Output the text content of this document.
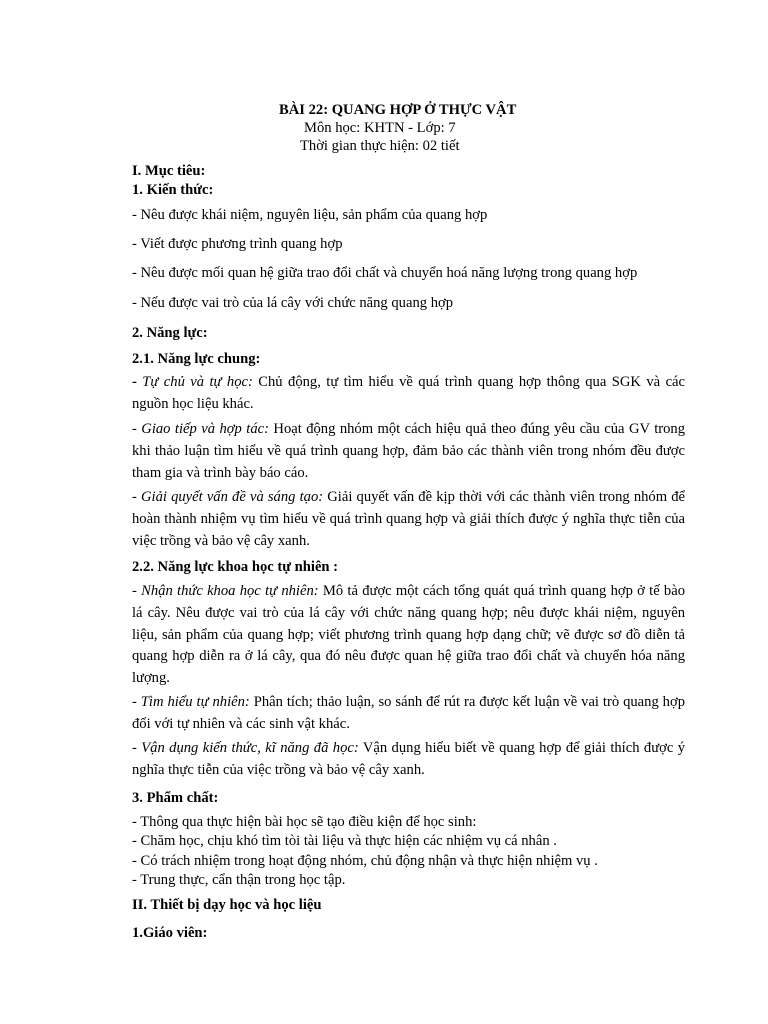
BÀI 22: QUANG HỢP Ở THỰC VẬT
Môn học: KHTN - Lớp: 7
Thời gian thực hiện: 02 tiết
I. Mục tiêu:
1. Kiến thức:
- Nêu được khái niệm, nguyên liệu, sản phẩm của quang hợp
- Viết được phương trình quang hợp
- Nêu được mối quan hệ giữa trao đổi chất và chuyển hoá năng lượng trong quang hợp
- Nếu được vai trò của lá cây với chức năng quang hợp
2. Năng lực:
2.1. Năng lực chung:
- Tự chủ và tự học: Chủ động, tự tìm hiểu về quá trình quang hợp thông qua SGK và các nguồn học liệu khác.
- Giao tiếp và hợp tác: Hoạt động nhóm một cách hiệu quả theo đúng yêu cầu của GV trong khi thảo luận tìm hiểu về quá trình quang hợp, đảm bảo các thành viên trong nhóm đều được tham gia và trình bày báo cáo.
- Giải quyết vấn đề và sáng tạo: Giải quyết vấn đề kịp thời với các thành viên trong nhóm để hoàn thành nhiệm vụ tìm hiểu về quá trình quang hợp và giải thích được ý nghĩa thực tiễn của việc trồng và bảo vệ cây xanh.
2.2. Năng lực khoa học tự nhiên :
- Nhận thức khoa học tự nhiên: Mô tả được một cách tổng quát quá trình quang hợp ở tế bào lá cây. Nêu được vai trò của lá cây với chức năng quang hợp; nêu được khái niệm, nguyên liệu, sản phẩm của quang hợp; viết phương trình quang hợp dạng chữ; vẽ được sơ đồ diễn tả quang hợp diễn ra ở lá cây, qua đó nêu được quan hệ giữa trao đổi chất và chuyển hóa năng lượng.
- Tìm hiểu tự nhiên: Phân tích; thảo luận, so sánh để rút ra được kết luận về vai trò quang hợp đối với tự nhiên và các sinh vật khác.
- Vận dụng kiến thức, kĩ năng đã học: Vận dụng hiểu biết về quang hợp để giải thích được ý nghĩa thực tiễn của việc trồng và bảo vệ cây xanh.
3. Phẩm chất:
- Thông qua thực hiện bài học sẽ tạo điều kiện để học sinh:
- Chăm học, chịu khó tìm tòi tài liệu và thực hiện các nhiệm vụ cá nhân .
- Có trách nhiệm trong hoạt động nhóm, chủ động nhận và thực hiện nhiệm vụ .
- Trung thực, cẩn thận trong học tập.
II. Thiết bị dạy học và học liệu
1.Giáo viên:
